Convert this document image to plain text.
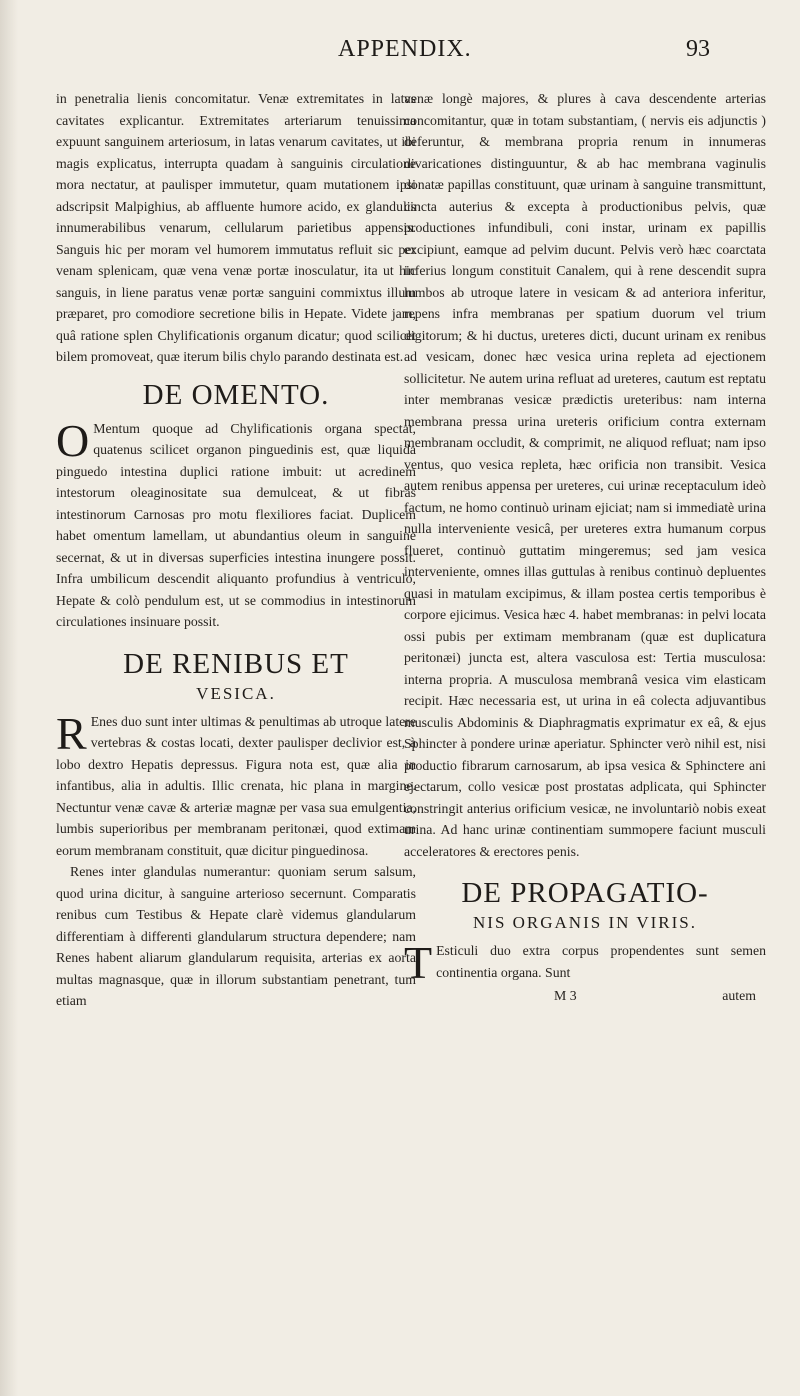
APPENDIX.	93

in penetralia lienis concomitatur. Venæ extremitates in latas cavitates explicantur. Extremitates arteriarum tenuissima expuunt sanguinem arteriosum, in latas venarum cavitates, ut ibi magis explicatus, interrupta quadam à sanguinis circulatione mora nectatur, at paulisper immutetur, quam mutationem ipsi adscripsit Malpighius, ab affluente humore acido, ex glandulis innumerabilibus venarum, cellularum parietibus appensis. Sanguis hic per moram vel humorem immutatus refluit sic per venam splenicam, quæ vena venæ portæ inosculatur, ita ut hic sanguis, in liene paratus venæ portæ sanguini commixtus illum præparet, pro comodiore secretione bilis in Hepate. Videte jam, quâ ratione splen Chylificationis organum dicatur; quod scilicet bilem promoveat, quæ iterum bilis chylo parando destinata est.

DE OMENTO.

O Mentum quoque ad Chylificationis organa spectat, quatenus scilicet organon pinguedinis est, quæ liquida pinguedo intestina duplici ratione imbuit: ut acredinem intestorum oleaginositate sua demulceat, & ut fibras intestinorum Carnosas pro motu flexiliores faciat. Duplicem habet omentum lamellam, ut abundantius oleum in sanguine secernat, & ut in diversas superficies intestina inungere possit. Infra umbilicum descendit aliquanto profundius à ventriculo, Hepate & colò pendulum est, ut se commodius in intestinorum circulationes insinuare possit.

DE RENIBUS ET
VESICA.

R Enes duo sunt inter ultimas & penultimas ab utroque latere vertebras & costas locati, dexter paulisper declivior est, à lobo dextro Hepatis depressus. Figura nota est, quæ alia in infantibus, alia in adultis. Illic crenata, hic plana in margine. Nectuntur venæ cavæ & arteriæ magnæ per vasa sua emulgentia, lumbis superioribus per membranam peritonæi, quod extimam eorum membranam constituit, quæ dicitur pinguedinosa.

Renes inter glandulas numerantur: quoniam serum salsum, quod urina dicitur, à sanguine arterioso secernunt. Comparatis renibus cum Testibus & Hepate clarè videmus glandularum differentiam à differenti glandularum structura dependere; nam Renes habent aliarum glandularum requisita, arterias ex aorta multas magnasque, quæ in illorum substantiam penetrant, tum etiam

venæ longè majores, & plures à cava descendente arterias concomitantur, quæ in totam substantiam, ( nervis eis adjunctis ) deferuntur, & membrana propria renum in innumeras divaricationes distinguuntur, & ab hac membrana vaginulis donatæ papillas constituunt, quæ urinam à sanguine transmittunt, cincta auterius & excepta à productionibus pelvis, quæ productiones infundibuli, coni instar, urinam ex papillis excipiunt, eamque ad pelvim ducunt. Pelvis verò hæc coarctata inferius longum constituit Canalem, qui à rene descendit supra lumbos ab utroque latere in vesicam & ad anteriora inferitur, repens infra membranas per spatium duorum vel trium digitorum; & hi ductus, ureteres dicti, ducunt urinam ex renibus ad vesicam, donec hæc vesica urina repleta ad ejectionem sollicitetur. Ne autem urina refluat ad ureteres, cautum est reptatu inter membranas vesicæ prædictis ureteribus: nam interna membrana pressa urina ureteris orificium contra externam membranam occludit, & comprimit, ne aliquod refluat; nam ipso ventus, quo vesica repleta, hæc orificia non transibit. Vesica autem renibus appensa per ureteres, cui urinæ receptaculum ideò factum, ne homo continuò urinam ejiciat; nam si immediatè urina nulla interveniente vesicâ, per ureteres extra humanum corpus flueret, continuò guttatim mingeremus; sed jam vesica interveniente, omnes illas guttulas à renibus continuò depluentes quasi in matulam excipimus, & illam postea certis temporibus è corpore ejicimus. Vesica hæc 4. habet membranas: in pelvi locata ossi pubis per extimam membranam (quæ est duplicatura peritonæi) juncta est, altera vasculosa est: Tertia musculosa: interna propria. A musculosa membranâ vesica vim elasticam recipit. Hæc necessaria est, ut urina in eâ colecta adjuvantibus musculis Abdominis & Diaphragmatis exprimatur ex eâ, & ejus Sphincter à pondere urinæ aperiatur. Sphincter verò nihil est, nisi productio fibrarum carnosarum, ab ipsa vesica & Sphinctere ani ejectarum, collo vesicæ post prostatas adplicata, qui Sphincter constringit anterius orificium vesicæ, ne involuntariò nobis exeat urina. Ad hanc urinæ continentiam summopere faciunt musculi acceleratores & erectores penis.

DE PROPAGATIO-
NIS ORGANIS IN VIRIS.

T Esticuli duo extra corpus propendentes sunt semen continentia organa. Sunt

M 3	autem
